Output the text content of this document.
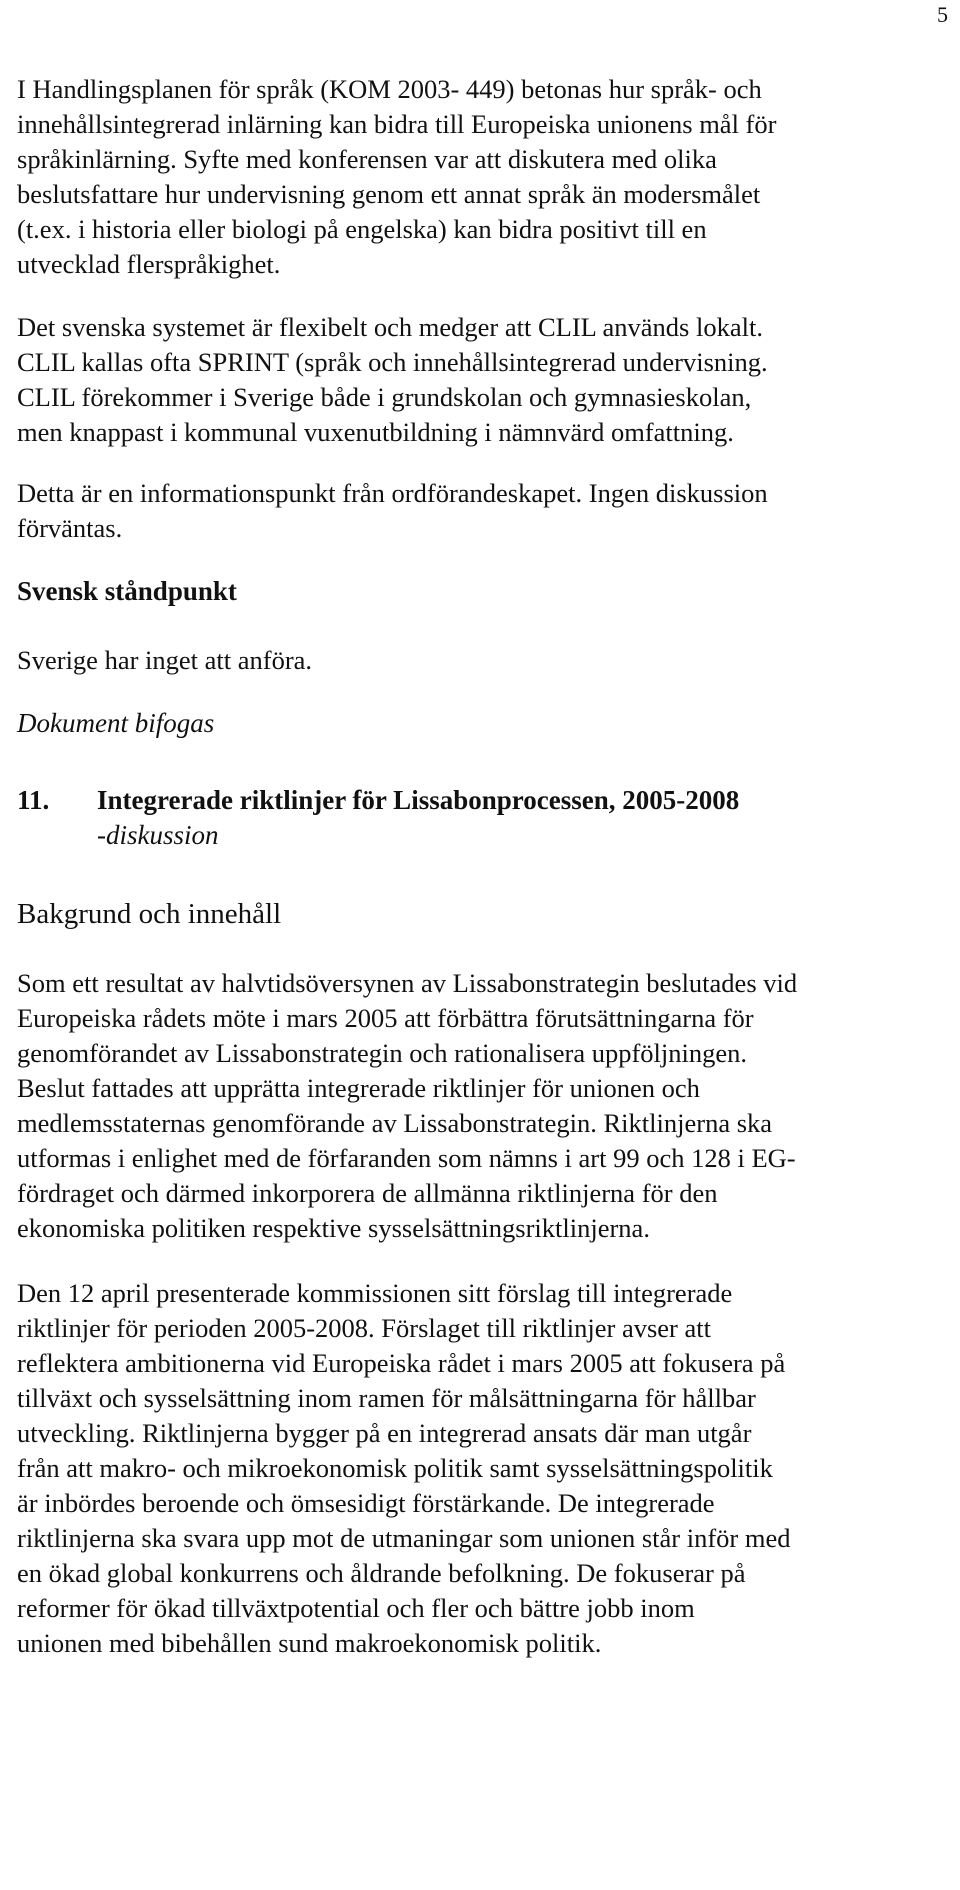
5

I Handlingsplanen för språk (KOM 2003- 449) betonas hur språk- och
innehållsintegrerad inlärning kan bidra till Europeiska unionens mål för
språkinlärning. Syfte med konferensen var att diskutera med olika
beslutsfattare hur undervisning genom ett annat språk än modersmålet
(t.ex. i historia eller biologi på engelska) kan bidra positivt till en
utvecklad flerspråkighet.

Det svenska systemet är flexibelt och medger att CLIL används lokalt.
CLIL kallas ofta SPRINT (språk och innehållsintegrerad undervisning.
CLIL förekommer i Sverige både i grundskolan och gymnasieskolan,
men knappast i kommunal vuxenutbildning i nämnvärd omfattning.

Detta är en informationspunkt från ordförandeskapet. Ingen diskussion
förväntas.

Svensk ståndpunkt

Sverige har inget att anföra.

Dokument bifogas

11.	Integrerade riktlinjer för Lissabonprocessen, 2005-2008
-diskussion
Bakgrund och innehåll

Som ett resultat av halvtidsöversynen av Lissabonstrategin beslutades vid
Europeiska rådets möte i mars 2005 att förbättra förutsättningarna för
genomförandet av Lissabonstrategin och rationalisera uppföljningen.
Beslut fattades att upprätta integrerade riktlinjer för unionen och
medlemsstaternas genomförande av Lissabonstrategin. Riktlinjerna ska
utformas i enlighet med de förfaranden som nämns i art 99 och 128 i EG-
fördraget och därmed inkorporera de allmänna riktlinjerna för den
ekonomiska politiken respektive sysselsättningsriktlinjerna.

Den 12 april presenterade kommissionen sitt förslag till integrerade
riktlinjer för perioden 2005-2008. Förslaget till riktlinjer avser att
reflektera ambitionerna vid Europeiska rådet i mars 2005 att fokusera på
tillväxt och sysselsättning inom ramen för målsättningarna för hållbar
utveckling. Riktlinjerna bygger på en integrerad ansats där man utgår
från att makro- och mikroekonomisk politik samt sysselsättningspolitik
är inbördes beroende och ömsesidigt förstärkande. De integrerade
riktlinjerna ska svara upp mot de utmaningar som unionen står inför med
en ökad global konkurrens och åldrande befolkning. De fokuserar på
reformer för ökad tillväxtpotential och fler och bättre jobb inom
unionen med bibehållen sund makroekonomisk politik.
